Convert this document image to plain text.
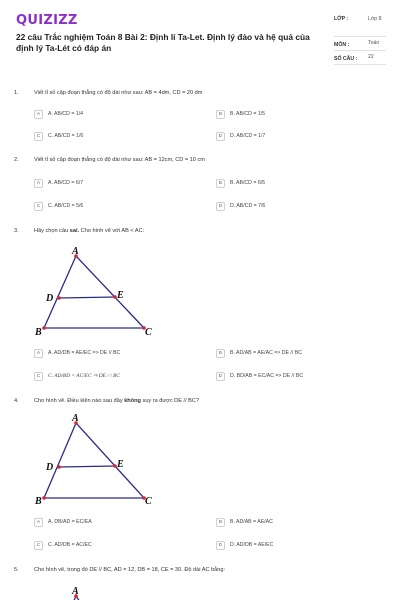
QUIZIZZ
22 câu Trắc nghiệm Toán 8 Bài 2: Định lí Ta-Let. Định lý đảo và hệ quả của định lý Ta-Lét có đáp án
LỚP :	Lớp 8
MÔN :	Toán
SỐ CÂU :	22
1.	Viết tỉ số cặp đoạn thẳng có độ dài như sau: AB = 4dm, CD = 20 dm
A	A. AB/CD = 1/4	B	B. AB/CD = 1/5
C	C. AB/CD = 1/6	D	D. AB/CD = 1/7
2.	Viết tỉ số cặp đoạn thẳng có độ dài như sau: AB = 12cm, CD = 10 cm
A	A. AB/CD = 6/7	B	B. AB/CD = 6/5
C	C. AB/CD = 5/6	D	D. AB/CD = 7/6
3.	Hãy chọn câu sai. Cho hình vẽ với AB < AC:
A
D	E
B	C
A	A. AD/DB = AE/EC => DE // BC	B	B. AD/AB = AE/AC => DE // BC
C	C. AD/BD = AC/EC ⇒ DE / / BC	D	D. BD/AB = EC/AC => DE // BC
4.	Cho hình vẽ. Điều kiện nào sau đây không suy ra được DE // BC?
A
D	E
B	C
A	A. DB/AD = EC/EA	B	B. AD/AB = AE/AC
C	C. AD/DB = AC/EC	D	D. AD/DB = AE/EC
5.	Cho hình vẽ, trong đó DE // BC, AD = 12, DB = 18, CE = 30. Độ dài AC bằng:
A
